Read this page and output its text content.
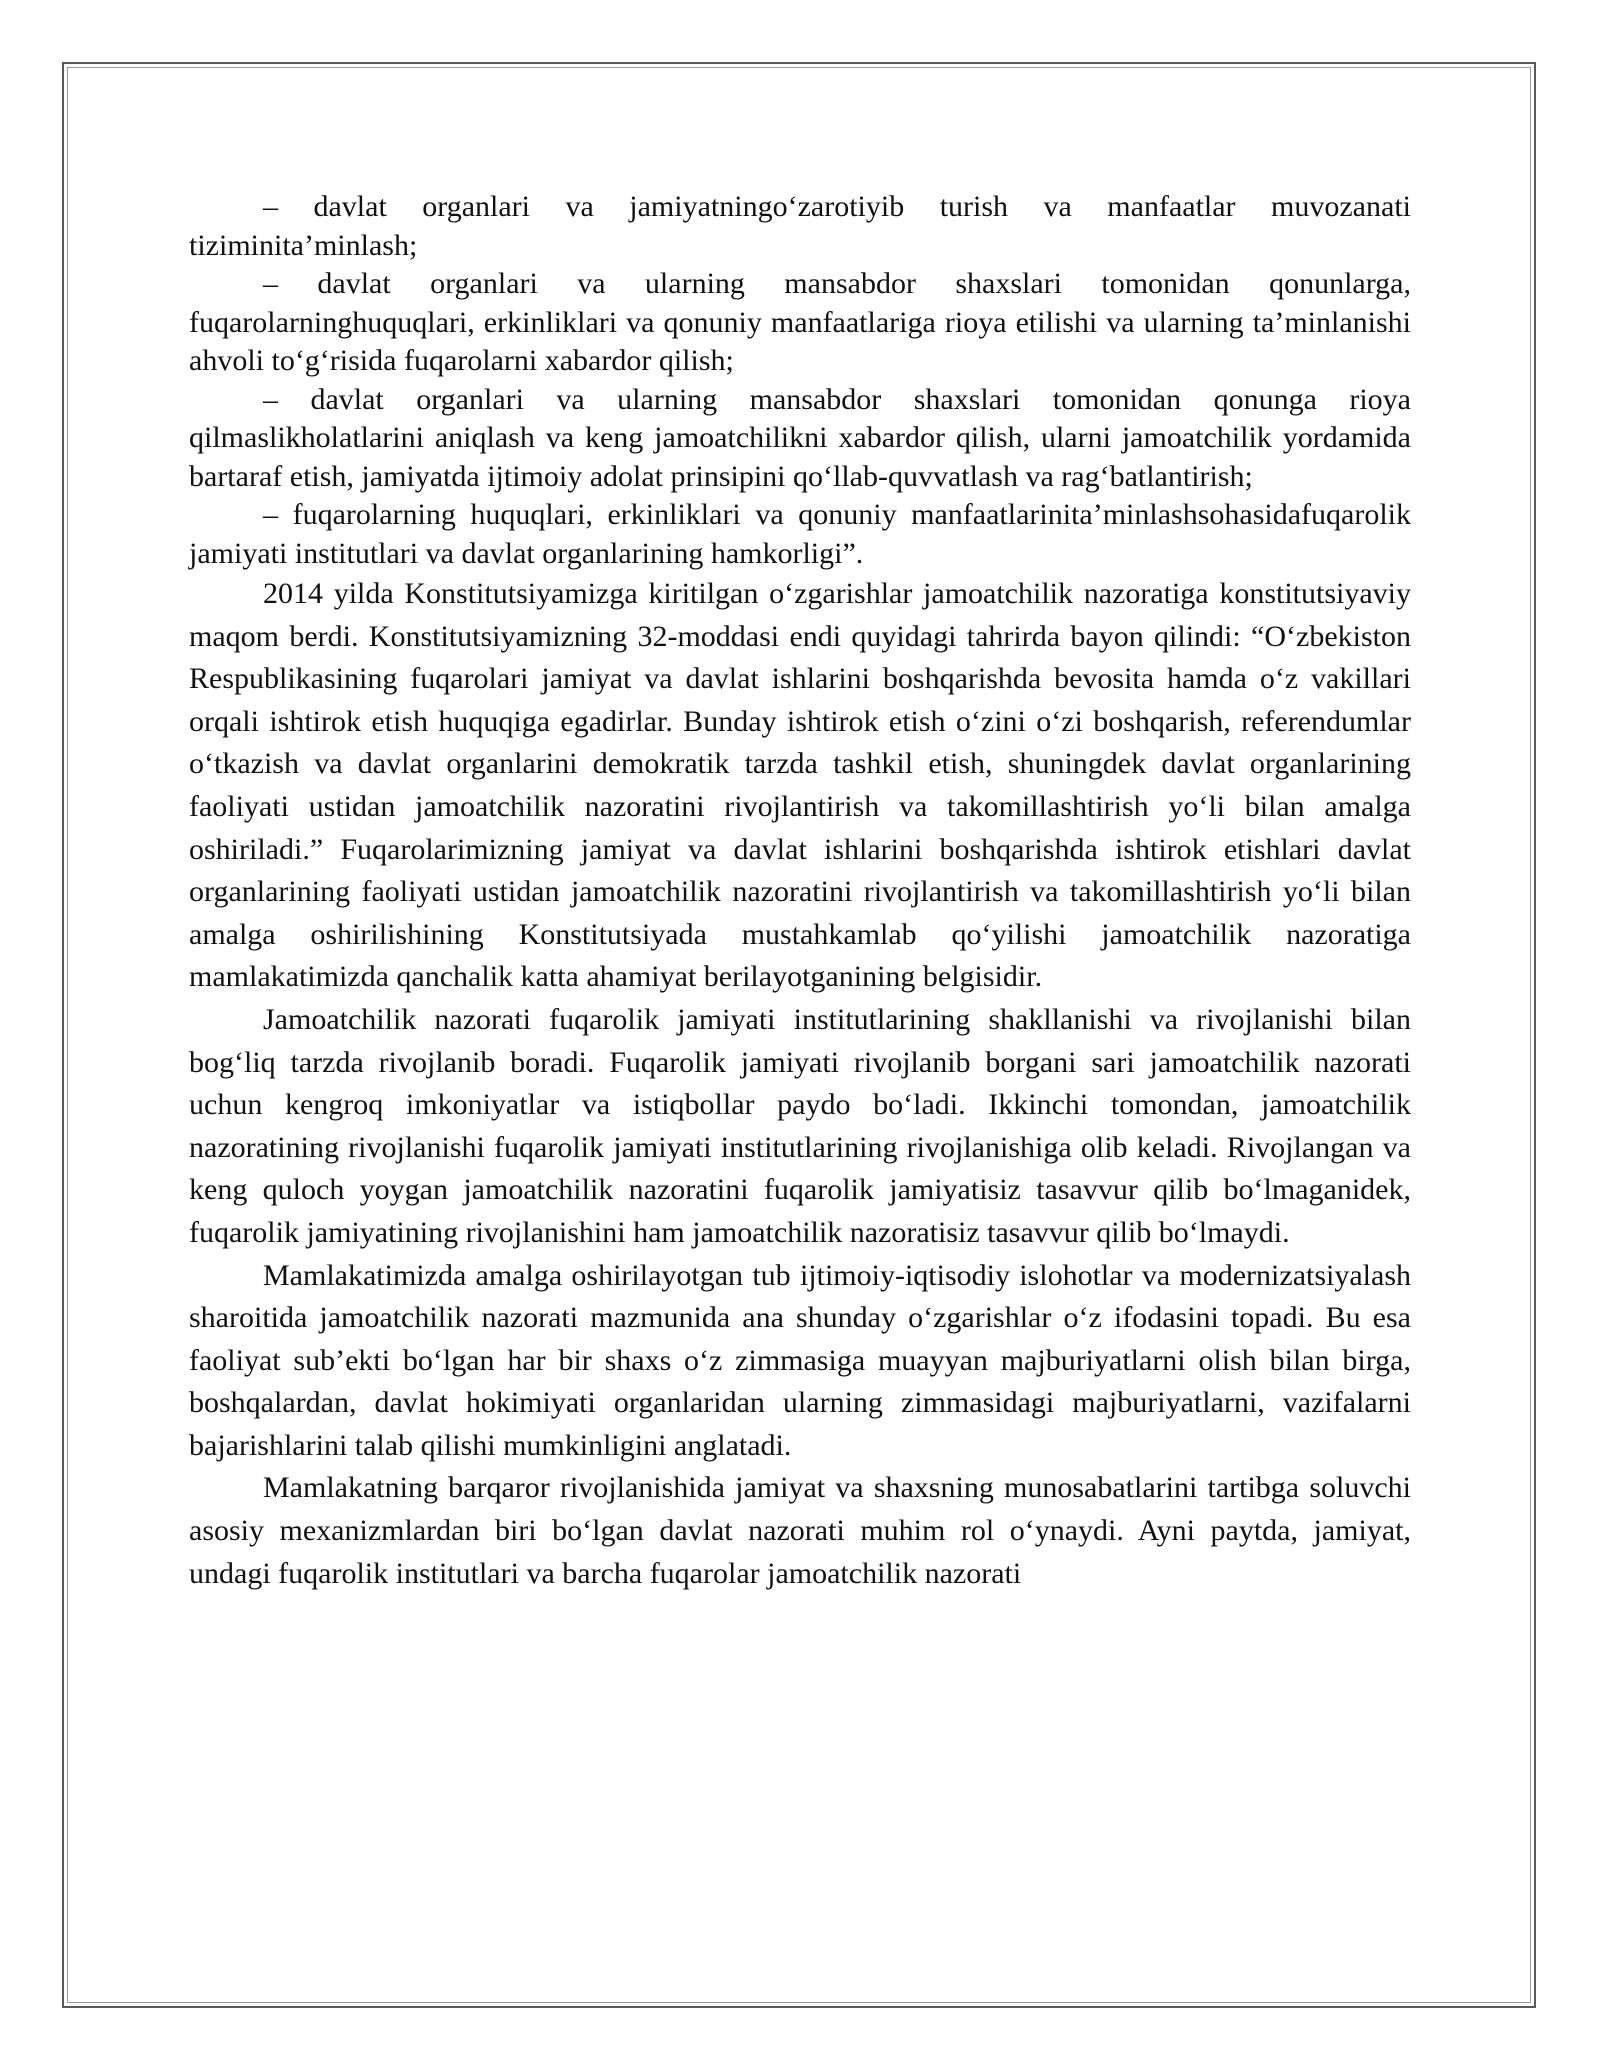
– davlat organlari va jamiyatningo‘zarotiyib turish va manfaatlar muvozanati tiziminita’minlash;

– davlat organlari va ularning mansabdor shaxslari tomonidan qonunlarga, fuqarolarninghuquqlari, erkinliklari va qonuniy manfaatlariga rioya etilishi va ularning ta’minlanishi ahvoli to‘g‘risida fuqarolarni xabardor qilish;

– davlat organlari va ularning mansabdor shaxslari tomonidan qonunga rioya qilmaslikholatlarini aniqlash va keng jamoatchilikni xabardor qilish, ularni jamoatchilik yordamida bartaraf etish, jamiyatda ijtimoiy adolat prinsipini qo‘llab-quvvatlash va rag‘batlantirish;

– fuqarolarning huquqlari, erkinliklari va qonuniy manfaatlarinita’minlashsohasidafuqarolik jamiyati institutlari va davlat organlarining hamkorligi”.

2014 yilda Konstitutsiyamizga kiritilgan o‘zgarishlar jamoatchilik nazoratiga konstitutsiyaviy maqom berdi. Konstitutsiyamizning 32-moddasi endi quyidagi tahrirda bayon qilindi: “O‘zbekiston Respublikasining fuqarolari jamiyat va davlat ishlarini boshqarishda bevosita hamda o‘z vakillari orqali ishtirok etish huquqiga egadirlar. Bunday ishtirok etish o‘zini o‘zi boshqarish, referendumlar o‘tkazish va davlat organlarini demokratik tarzda tashkil etish, shuningdek davlat organlarining faoliyati ustidan jamoatchilik nazoratini rivojlantirish va takomillashtirish yo‘li bilan amalga oshiriladi.” Fuqarolarimizning jamiyat va davlat ishlarini boshqarishda ishtirok etishlari davlat organlarining faoliyati ustidan jamoatchilik nazoratini rivojlantirish va takomillashtirish yo‘li bilan amalga oshirilishining Konstitutsiyada mustahkamlab qo‘yilishi jamoatchilik nazoratiga mamlakatimizda qanchalik katta ahamiyat berilayotganining belgisidir.

Jamoatchilik nazorati fuqarolik jamiyati institutlarining shakllanishi va rivojlanishi bilan bog‘liq tarzda rivojlanib boradi. Fuqarolik jamiyati rivojlanib borgani sari jamoatchilik nazorati uchun kengroq imkoniyatlar va istiqbollar paydo bo‘ladi. Ikkinchi tomondan, jamoatchilik nazoratining rivojlanishi fuqarolik jamiyati institutlarining rivojlanishiga olib keladi. Rivojlangan va keng quloch yoygan jamoatchilik nazoratini fuqarolik jamiyatisiz tasavvur qilib bo‘lmaganidek, fuqarolik jamiyatining rivojlanishini ham jamoatchilik nazoratisiz tasavvur qilib bo‘lmaydi.

Mamlakatimizda amalga oshirilayotgan tub ijtimoiy-iqtisodiy islohotlar va modernizatsiyalash sharoitida jamoatchilik nazorati mazmunida ana shunday o‘zgarishlar o‘z ifodasini topadi. Bu esa faoliyat sub’ekti bo‘lgan har bir shaxs o‘z zimmasiga muayyan majburiyatlarni olish bilan birga, boshqalardan, davlat hokimiyati organlaridan ularning zimmasidagi majburiyatlarni, vazifalarni bajarishlarini talab qilishi mumkinligini anglatadi.

Mamlakatning barqaror rivojlanishida jamiyat va shaxsning munosabatlarini tartibga soluvchi asosiy mexanizmlardan biri bo‘lgan davlat nazorati muhim rol o‘ynaydi. Ayni paytda, jamiyat, undagi fuqarolik institutlari va barcha fuqarolar jamoatchilik nazorati
